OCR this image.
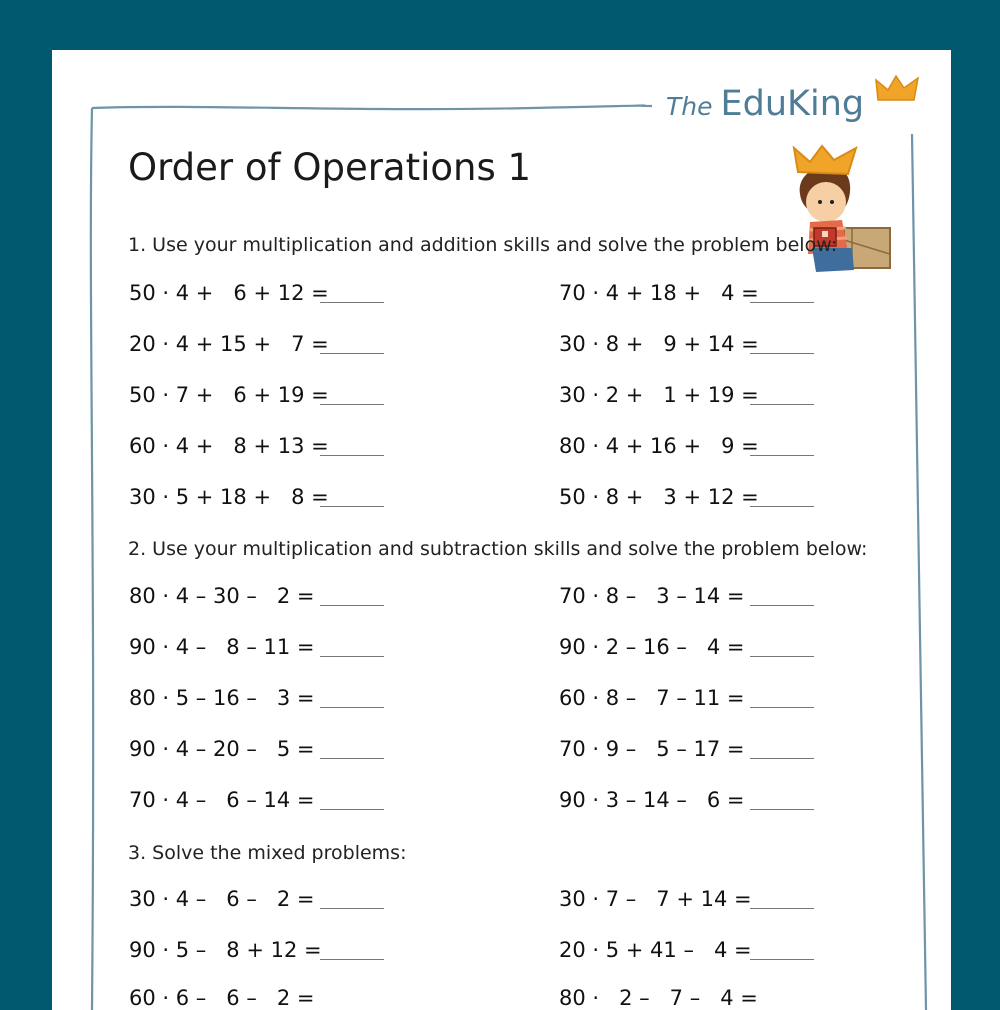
The EduKing
Order of Operations 1
1. Use your multiplication and addition skills and solve the problem below:
50 · 4 +   6 + 12 =	70 · 4 + 18 +   4 =
20 · 4 + 15 +   7 =	30 · 8 +   9 + 14 =
50 · 7 +   6 + 19 =	30 · 2 +   1 + 19 =
60 · 4 +   8 + 13 =	80 · 4 + 16 +   9 =
30 · 5 + 18 +   8 =	50 · 8 +   3 + 12 =
2. Use your multiplication and subtraction skills and solve the problem below:
80 · 4 – 30 –   2 =	70 · 8 –   3 – 14 =
90 · 4 –   8 – 11 =	90 · 2 – 16 –   4 =
80 · 5 – 16 –   3 =	60 · 8 –   7 – 11 =
90 · 4 – 20 –   5 =	70 · 9 –   5 – 17 =
70 · 4 –   6 – 14 =	90 · 3 – 14 –   6 =
3. Solve the mixed problems:
30 · 4 –   6 –   2 =	30 · 7 –   7 + 14 =
90 · 5 –   8 + 12 =	20 · 5 + 41 –   4 =
60 · 6 –   6 –   2 =	80 ·   2 –   7 –   4 =
